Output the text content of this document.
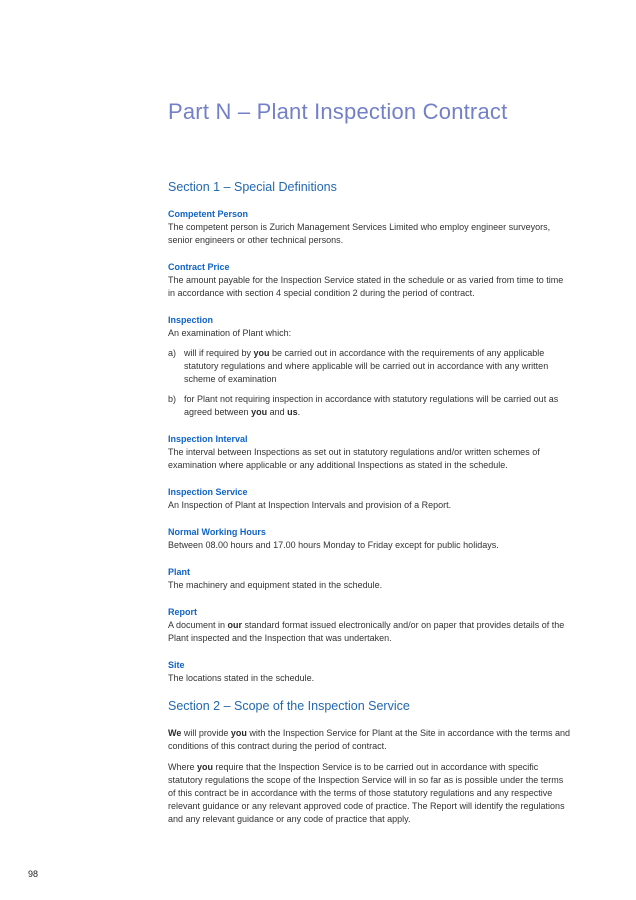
Part N – Plant Inspection Contract
Section 1 – Special Definitions
Competent Person
The competent person is Zurich Management Services Limited who employ engineer surveyors, senior engineers or other technical persons.
Contract Price
The amount payable for the Inspection Service stated in the schedule or as varied from time to time in accordance with section 4 special condition 2 during the period of contract.
Inspection
An examination of Plant which:
a) will if required by you be carried out in accordance with the requirements of any applicable statutory regulations and where applicable will be carried out in accordance with any written scheme of examination
b) for Plant not requiring inspection in accordance with statutory regulations will be carried out as agreed between you and us.
Inspection Interval
The interval between Inspections as set out in statutory regulations and/or written schemes of examination where applicable or any additional Inspections as stated in the schedule.
Inspection Service
An Inspection of Plant at Inspection Intervals and provision of a Report.
Normal Working Hours
Between 08.00 hours and 17.00 hours Monday to Friday except for public holidays.
Plant
The machinery and equipment stated in the schedule.
Report
A document in our standard format issued electronically and/or on paper that provides details of the Plant inspected and the Inspection that was undertaken.
Site
The locations stated in the schedule.
Section 2 – Scope of the Inspection Service

We will provide you with the Inspection Service for Plant at the Site in accordance with the terms and conditions of this contract during the period of contract.

Where you require that the Inspection Service is to be carried out in accordance with specific statutory regulations the scope of the Inspection Service will in so far as is possible under the terms of this contract be in accordance with the terms of those statutory regulations and any respective relevant guidance or any relevant approved code of practice. The Report will identify the regulations and any relevant guidance or any code of practice that apply.

98
